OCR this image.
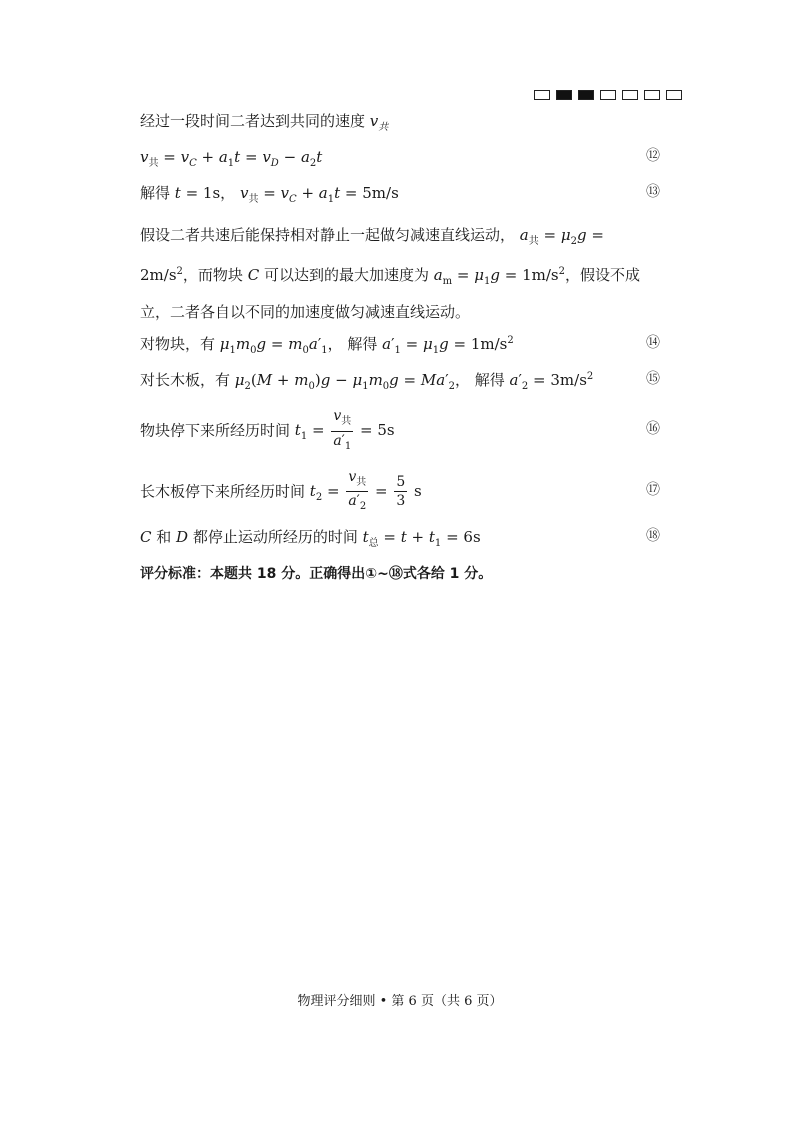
经过一段时间二者达到共同的速度 $v_共$
$v_共 = v_C + a_1t = v_D - a_2t$	⑫
解得 t = 1s， $v_共 = v_C + a_1t = 5m/s$	⑬
假设二者共速后能保持相对静止一起做匀减速直线运动， $a_共 = \mu_2g = 2m/s^2$，而物块 C 可以达到的最大加速度为 $a_m = \mu_1g = 1m/s^2$，假设不成立，二者各自以不同的加速度做匀减速直线运动。
对物块，有 $\mu_1m_0g = m_0a'_1$， 解得 $a'_1 = \mu_1g = 1m/s^2$	⑭
对长木板，有 $\mu_2(M + m_0)g - \mu_1m_0g = Ma'_2$， 解得 $a'_2 = 3m/s^2$	⑮
物块停下来所经历时间 $t_1 = \frac{v_共}{a'_1} = 5s$	⑯
长木板停下来所经历时间 $t_2 = \frac{v_共}{a'_2} = \frac{5}{3}$ s	⑰
C 和 D 都停止运动所经历的时间 $t_总 = t + t_1 = 6s$	⑱
评分标准：本题共 18 分。正确得出①~⑱式各给 1 分。
物理评分细则 • 第 6 页（共 6 页）
